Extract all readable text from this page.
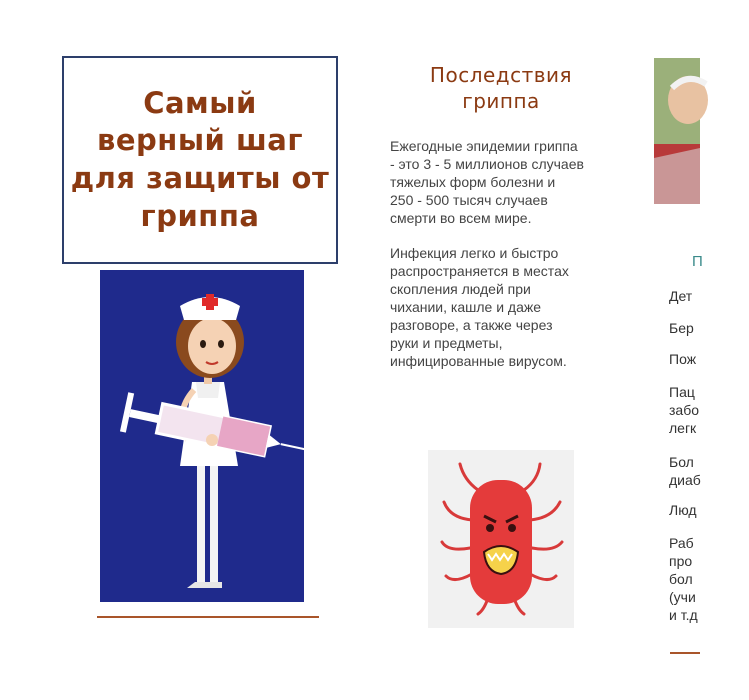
Самый
верный шаг
для защиты от
гриппа
Последствия
гриппа

Ежегодные эпидемии гриппа
- это 3 - 5 миллионов случаев
тяжелых форм болезни и
250 - 500 тысяч случаев
смерти во всем мире.

Инфекция легко и быстро
распространяется в местах
скопления людей при
чихании, кашле и даже
разговоре, а также через
руки и предметы,
инфицированные вирусом.

П

Дет

Бер

Пож

Пац
забо
легк

Бол
диаб

Люд

Раб
про
бол
(учи
и т.д
